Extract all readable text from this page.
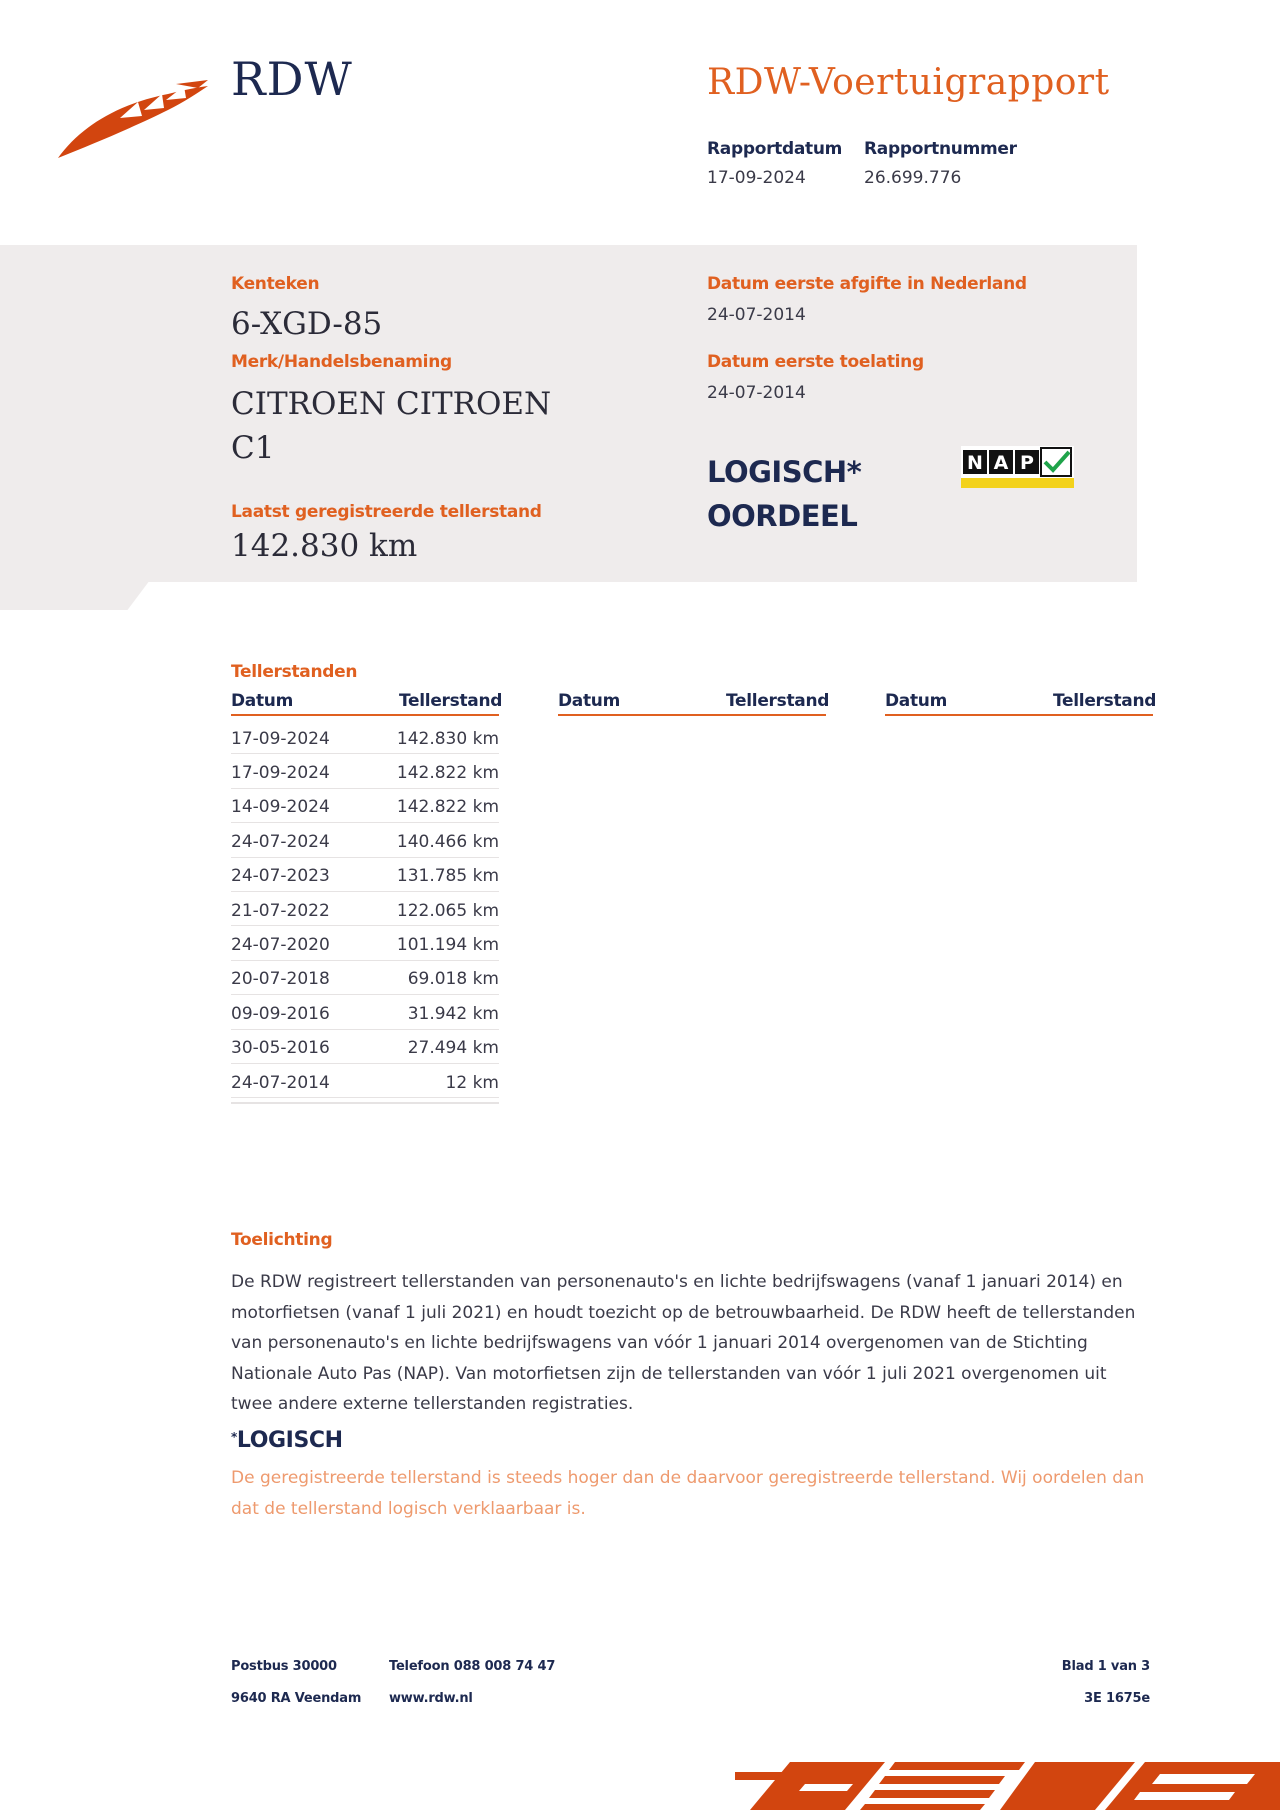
RDW	RDW-Voertuigrapport
Rapportdatum
17-09-2024
Rapportnummer
26.699.776
Kenteken
6-XGD-85
Merk/Handelsbenaming
CITROEN CITROEN
C1
Laatst geregistreerde tellerstand
142.830 km
Datum eerste afgifte in Nederland
24-07-2014
Datum eerste toelating
24-07-2014
LOGISCH*
OORDEEL
N A P
Tellerstanden
Datum	Tellerstand	Datum	Tellerstand	Datum	Tellerstand
17-09-2024	142.830 km
17-09-2024	142.822 km
14-09-2024	142.822 km
24-07-2024	140.466 km
24-07-2023	131.785 km
21-07-2022	122.065 km
24-07-2020	101.194 km
20-07-2018	69.018 km
09-09-2016	31.942 km
30-05-2016	27.494 km
24-07-2014	12 km
Toelichting
De RDW registreert tellerstanden van personenauto's en lichte bedrijfswagens (vanaf 1 januari 2014) en motorfietsen (vanaf 1 juli 2021) en houdt toezicht op de betrouwbaarheid. De RDW heeft de tellerstanden van personenauto's en lichte bedrijfswagens van vóór 1 januari 2014 overgenomen van de Stichting Nationale Auto Pas (NAP). Van motorfietsen zijn de tellerstanden van vóór 1 juli 2021 overgenomen uit twee andere externe tellerstanden registraties.
*LOGISCH
De geregistreerde tellerstand is steeds hoger dan de daarvoor geregistreerde tellerstand. Wij oordelen dan dat de tellerstand logisch verklaarbaar is.
Postbus 30000
9640 RA Veendam
Telefoon 088 008 74 47
www.rdw.nl
Blad 1 van 3
3E 1675e
